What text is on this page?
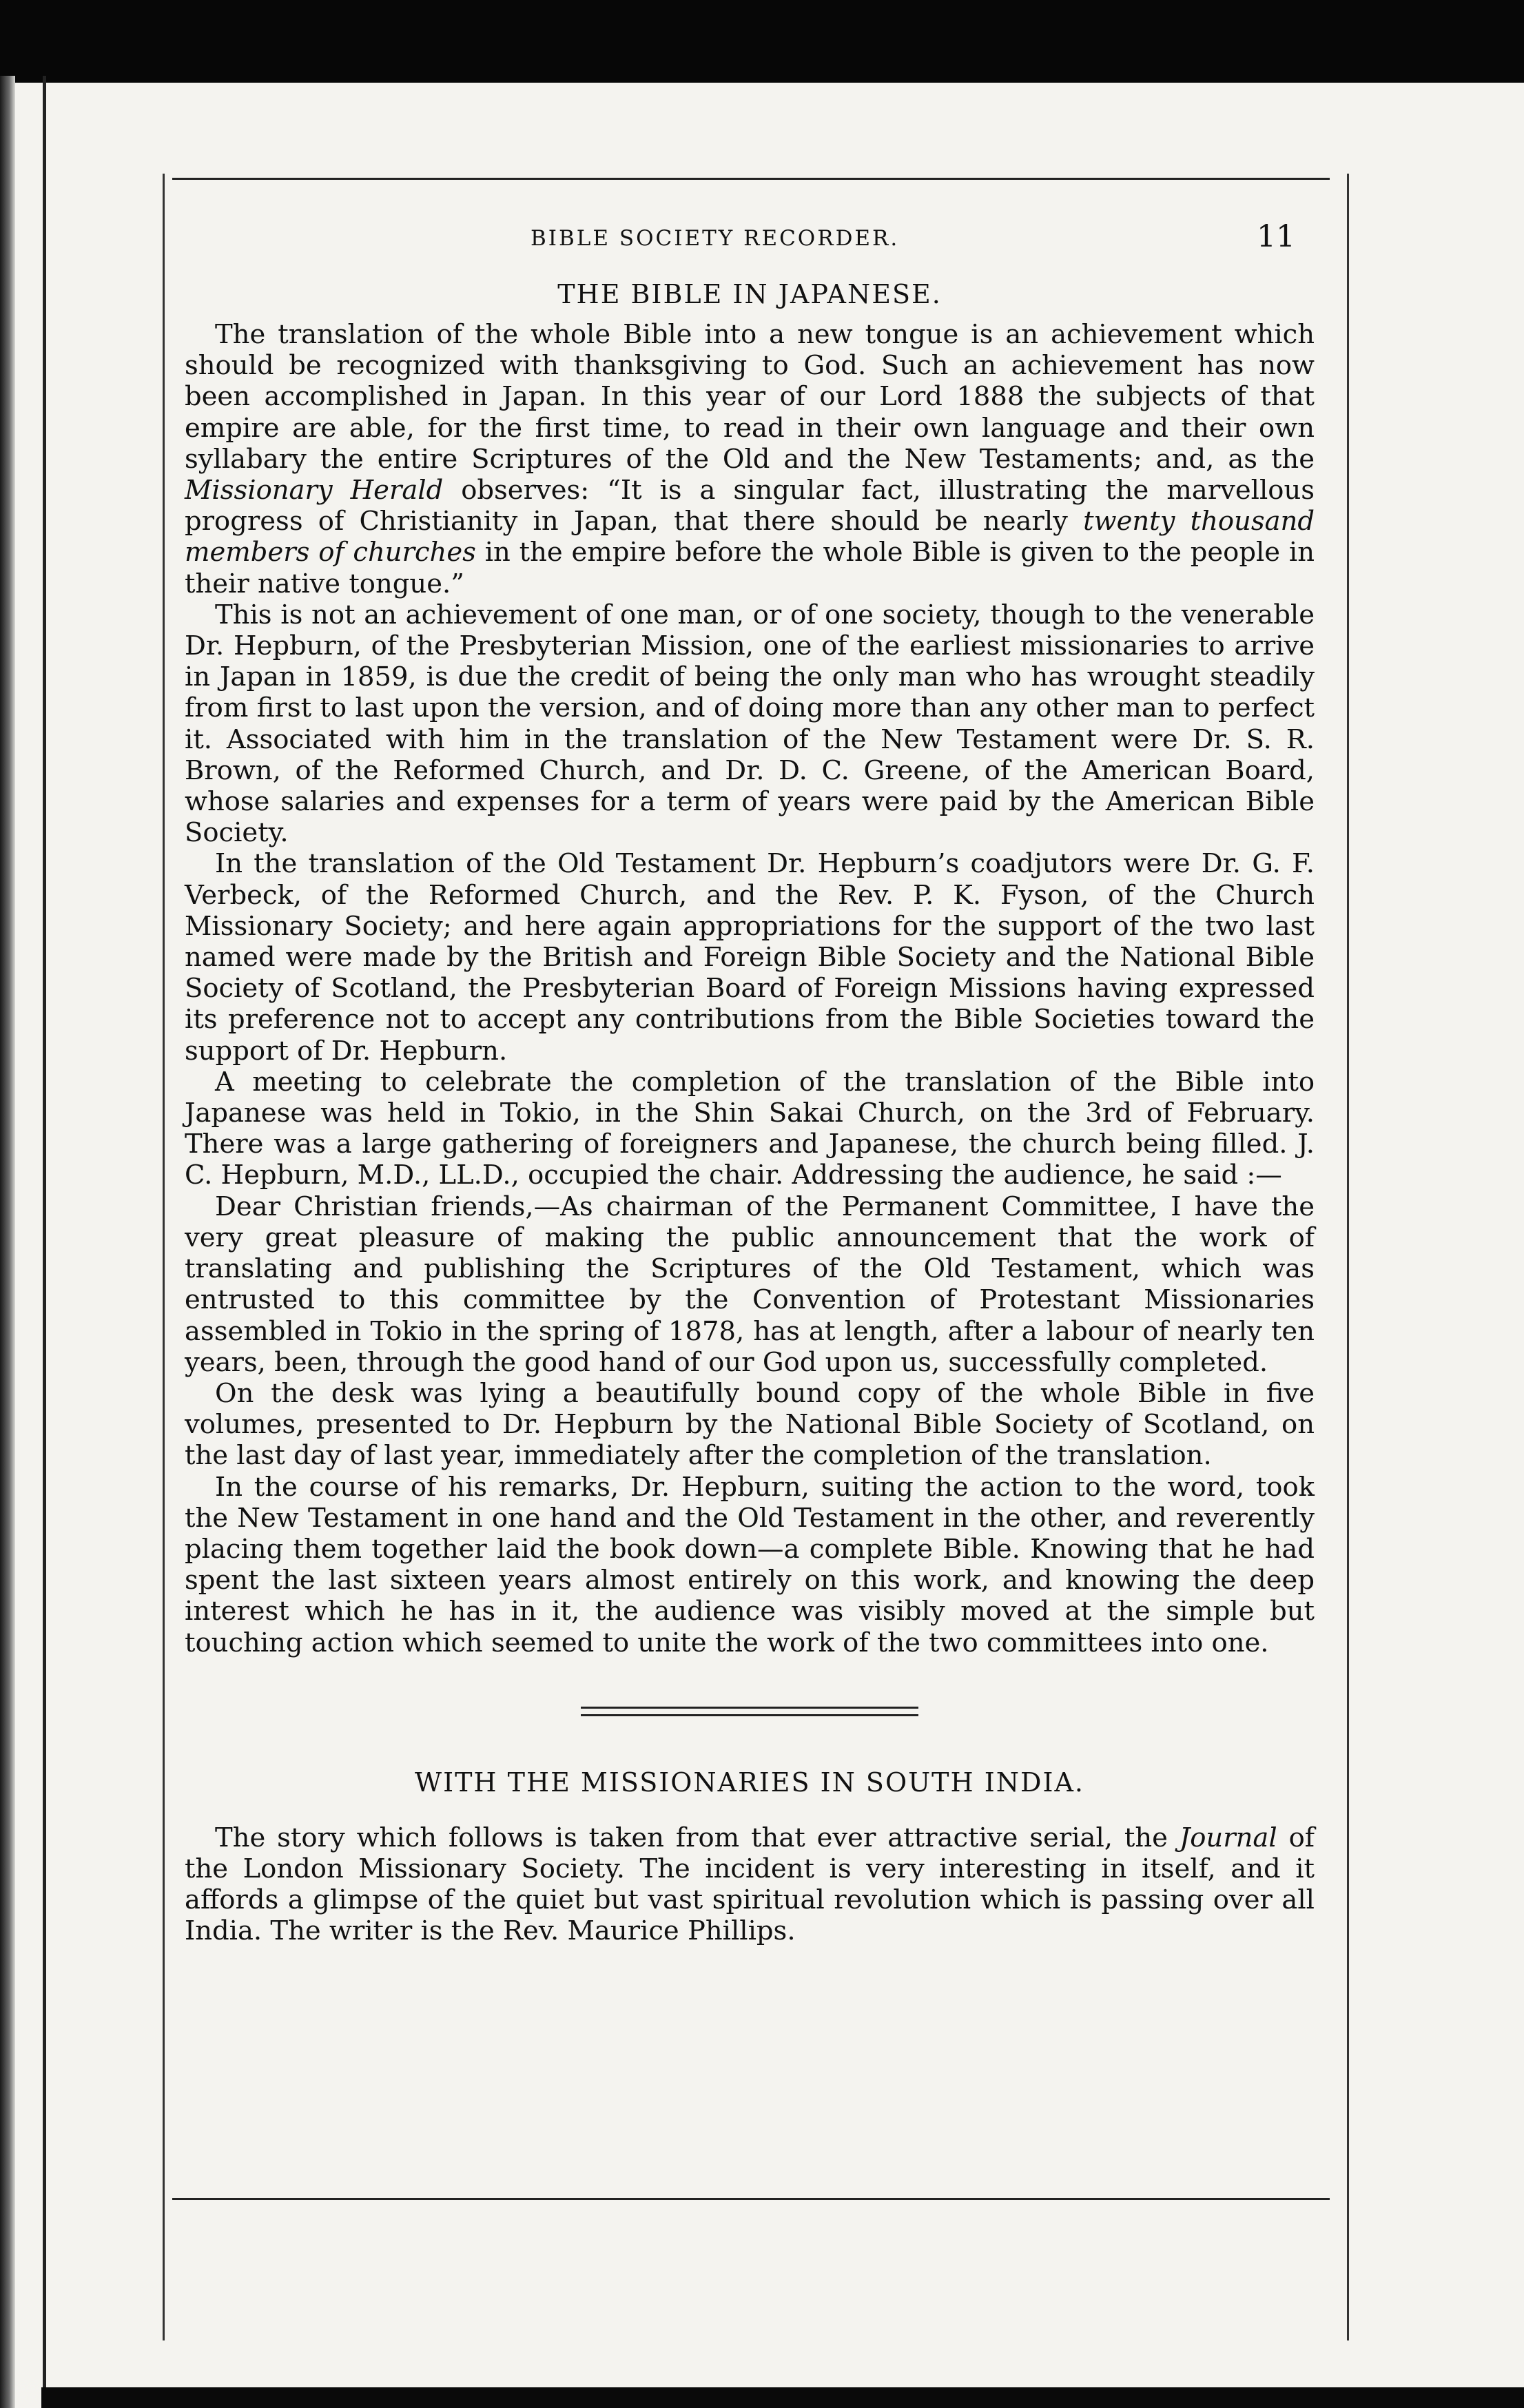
BIBLE SOCIETY RECORDER.	11
THE BIBLE IN JAPANESE.

The translation of the whole Bible into a new tongue is an achievement which should be recognized with thanksgiving to God. Such an achievement has now been accomplished in Japan. In this year of our Lord 1888 the subjects of that empire are able, for the first time, to read in their own language and their own syllabary the entire Scriptures of the Old and the New Testaments; and, as the Missionary Herald observes: “It is a singular fact, illustrating the marvellous progress of Christianity in Japan, that there should be nearly twenty thousand members of churches in the empire before the whole Bible is given to the people in their native tongue.”

This is not an achievement of one man, or of one society, though to the venerable Dr. Hepburn, of the Presbyterian Mission, one of the earliest missionaries to arrive in Japan in 1859, is due the credit of being the only man who has wrought steadily from first to last upon the version, and of doing more than any other man to perfect it. Associated with him in the translation of the New Testament were Dr. S. R. Brown, of the Reformed Church, and Dr. D. C. Greene, of the American Board, whose salaries and expenses for a term of years were paid by the American Bible Society.

In the translation of the Old Testament Dr. Hepburn’s coadjutors were Dr. G. F. Verbeck, of the Reformed Church, and the Rev. P. K. Fyson, of the Church Missionary Society; and here again appropriations for the support of the two last named were made by the British and Foreign Bible Society and the National Bible Society of Scotland, the Presbyterian Board of Foreign Missions having expressed its preference not to accept any contributions from the Bible Societies toward the support of Dr. Hepburn.

A meeting to celebrate the completion of the translation of the Bible into Japanese was held in Tokio, in the Shin Sakai Church, on the 3rd of February. There was a large gathering of foreigners and Japanese, the church being filled. J. C. Hepburn, M.D., LL.D., occupied the chair. Addressing the audience, he said :—

Dear Christian friends,—As chairman of the Permanent Committee, I have the very great pleasure of making the public announcement that the work of translating and publishing the Scriptures of the Old Testament, which was entrusted to this committee by the Convention of Protestant Missionaries assembled in Tokio in the spring of 1878, has at length, after a labour of nearly ten years, been, through the good hand of our God upon us, successfully completed.

On the desk was lying a beautifully bound copy of the whole Bible in five volumes, presented to Dr. Hepburn by the National Bible Society of Scotland, on the last day of last year, immediately after the completion of the translation.

In the course of his remarks, Dr. Hepburn, suiting the action to the word, took the New Testament in one hand and the Old Testament in the other, and reverently placing them together laid the book down—a complete Bible. Knowing that he had spent the last sixteen years almost entirely on this work, and knowing the deep interest which he has in it, the audience was visibly moved at the simple but touching action which seemed to unite the work of the two committees into one.

WITH THE MISSIONARIES IN SOUTH INDIA.

The story which follows is taken from that ever attractive serial, the Journal of the London Missionary Society. The incident is very interesting in itself, and it affords a glimpse of the quiet but vast spiritual revolution which is passing over all India. The writer is the Rev. Maurice Phillips.
